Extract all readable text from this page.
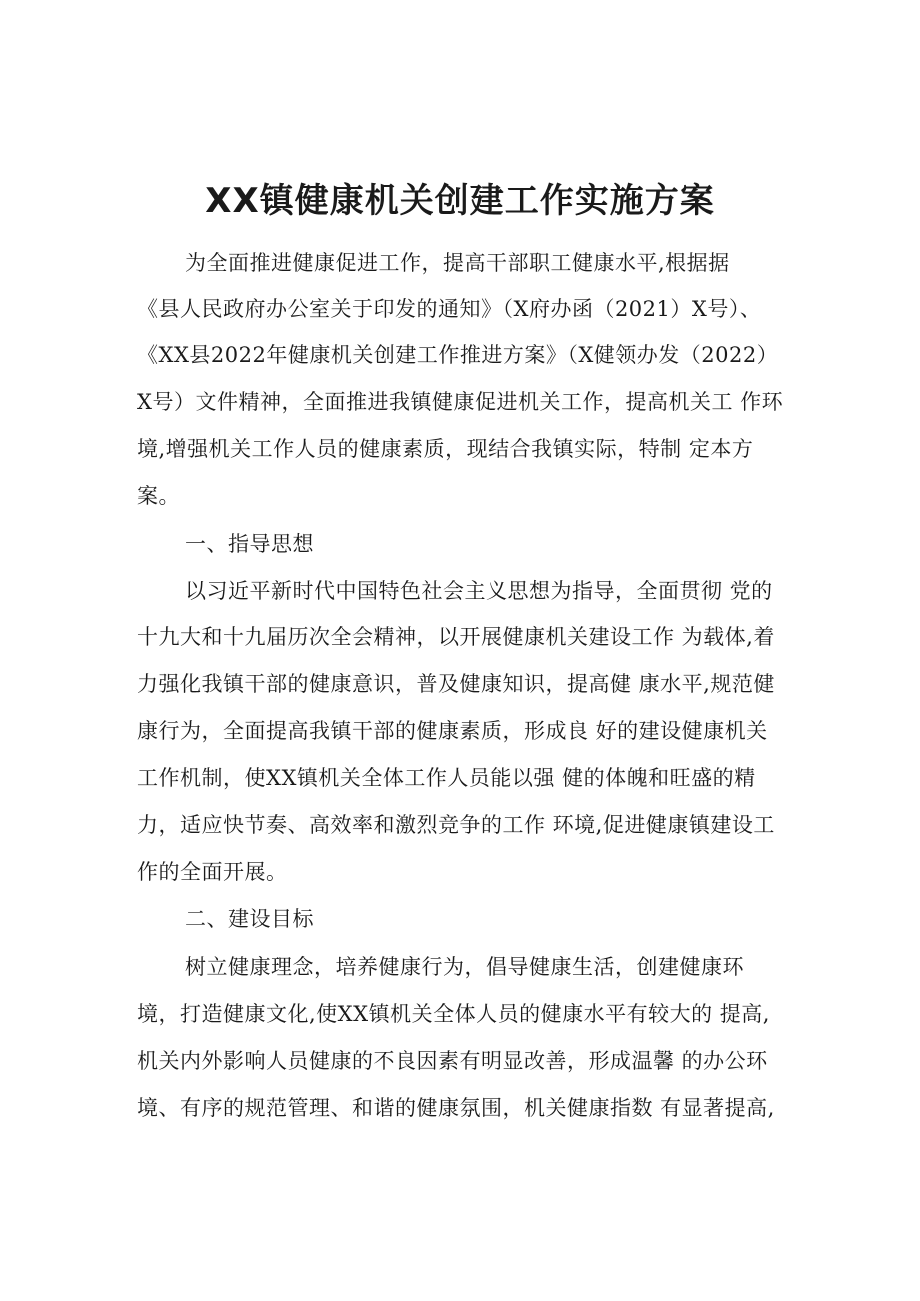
XX镇健康机关创建工作实施方案
为全面推进健康促进工作，提高干部职工健康水平,根据据
《县人民政府办公室关于印发的通知》（X府办函（2021）X号）、
《XX县2022年健康机关创建工作推进方案》（X健领办发（2022）
X号）文件精神，全面推进我镇健康促进机关工作，提高机关工 作环
境,增强机关工作人员的健康素质，现结合我镇实际，特制 定本方
案。
一、指导思想
以习近平新时代中国特色社会主义思想为指导，全面贯彻 党的
十九大和十九届历次全会精神，以开展健康机关建设工作 为载体,着
力强化我镇干部的健康意识，普及健康知识，提高健 康水平,规范健
康行为，全面提高我镇干部的健康素质，形成良 好的建设健康机关
工作机制，使XX镇机关全体工作人员能以强 健的体魄和旺盛的精
力，适应快节奏、高效率和激烈竞争的工作 环境,促进健康镇建设工
作的全面开展。
二、建设目标
树立健康理念，培养健康行为，倡导健康生活，创建健康环
境，打造健康文化,使XX镇机关全体人员的健康水平有较大的 提高,
机关内外影响人员健康的不良因素有明显改善，形成温馨 的办公环
境、有序的规范管理、和谐的健康氛围，机关健康指数 有显著提高,
